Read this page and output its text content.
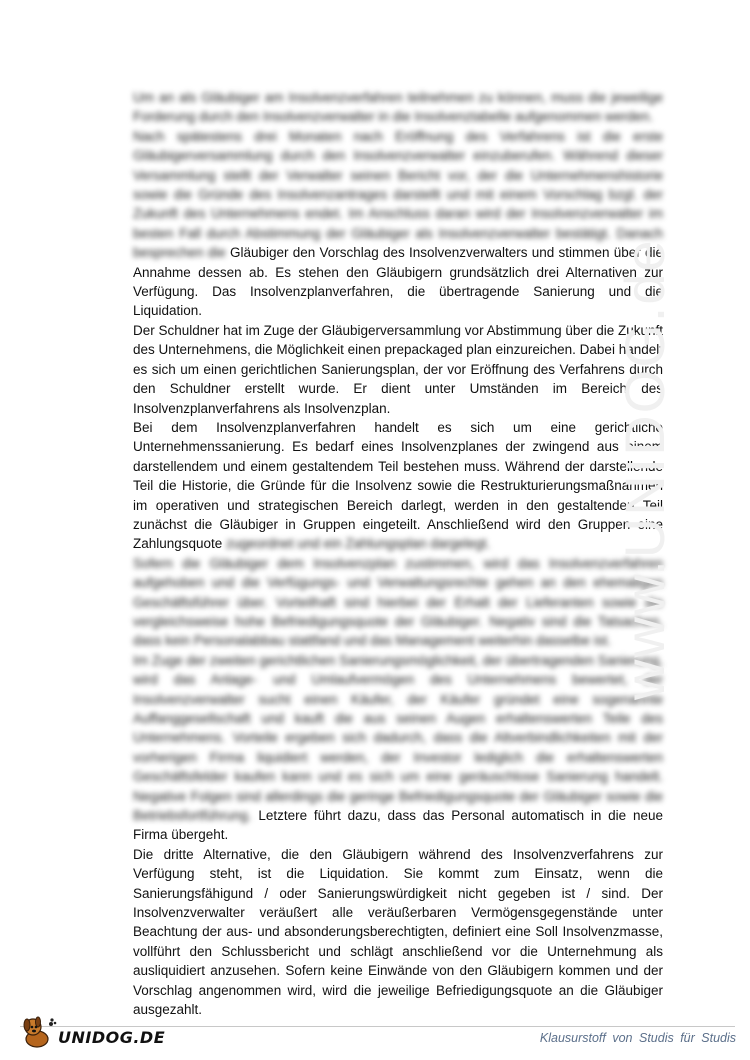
Um an als Gläubiger am Insolvenzverfahren teilnehmen zu können, muss die jeweilige Forderung durch den Insolvenzverwalter in die Insolvenztabelle aufgenommen werden.

Nach spätestens drei Monaten nach Eröffnung des Verfahrens ist die erste Gläubigerversammlung durch den Insolvenzverwalter einzuberufen. Während dieser Versammlung stellt der Verwalter seinen Bericht vor, der die Unternehmenshistorie sowie die Gründe des Insolvenzantrages darstellt und mit einem Vorschlag bzgl. der Zukunft des Unternehmens endet. Im Anschluss daran wird der Insolvenzverwalter im besten Fall durch Abstimmung der Gläubiger als Insolvenzverwalter bestätigt. Danach besprechen die Gläubiger den Vorschlag des Insolvenzverwalters und stimmen über die Annahme dessen ab. Es stehen den Gläubigern grundsätzlich drei Alternativen zur Verfügung. Das Insolvenzplanverfahren, die übertragende Sanierung und die Liquidation.

Der Schuldner hat im Zuge der Gläubigerversammlung vor Abstimmung über die Zukunft des Unternehmens, die Möglichkeit einen prepackaged plan einzureichen. Dabei handelt es sich um einen gerichtlichen Sanierungsplan, der vor Eröffnung des Verfahrens durch den Schuldner erstellt wurde. Er dient unter Umständen im Bereich des Insolvenzplanverfahrens als Insolvenzplan.

Bei dem Insolvenzplanverfahren handelt es sich um eine gerichtliche Unternehmenssanierung. Es bedarf eines Insolvenzplanes der zwingend aus einem darstellendem und einem gestaltendem Teil bestehen muss. Während der darstellende Teil die Historie, die Gründe für die Insolvenz sowie die Restrukturierungsmaßnahmen im operativen und strategischen Bereich darlegt, werden in den gestaltenden Teil zunächst die Gläubiger in Gruppen eingeteilt. Anschließend wird den Gruppen eine Zahlungsquote zugeordnet und ein Zahlungsplan dargelegt.

Sofern die Gläubiger dem Insolvenzplan zustimmen, wird das Insolvenzverfahren aufgehoben und die Verfügungs- und Verwaltungsrechte gehen an den ehemaligen Geschäftsführer über. Vorteilhaft sind hierbei der Erhalt der Lieferanten sowie die vergleichsweise hohe Befriedigungsquote der Gläubiger. Negativ sind die Tatsachen, dass kein Personalabbau stattfand und das Management weiterhin dasselbe ist.

Im Zuge der zweiten gerichtlichen Sanierungsmöglichkeit, der übertragenden Sanierung, wird das Anlage- und Umlaufvermögen des Unternehmens bewertet, der Insolvenzverwalter sucht einen Käufer, der Käufer gründet eine sogenannte Auffanggesellschaft und kauft die aus seinen Augen erhaltenswerten Teile des Unternehmens. Vorteile ergeben sich dadurch, dass die Altverbindlichkeiten mit der vorherigen Firma liquidiert werden, der Investor lediglich die erhaltenswerten Geschäftsfelder kaufen kann und es sich um eine geräuschlose Sanierung handelt. Negative Folgen sind allerdings die geringe Befriedigungsquote der Gläubiger sowie die Betriebsfortführung. Letztere führt dazu, dass das Personal automatisch in die neue Firma übergeht.

Die dritte Alternative, die den Gläubigern während des Insolvenzverfahrens zur Verfügung steht, ist die Liquidation. Sie kommt zum Einsatz, wenn die Sanierungsfähigund / oder Sanierungswürdigkeit nicht gegeben ist / sind. Der Insolvenzverwalter veräußert alle veräußerbaren Vermögensgegenstände unter Beachtung der aus- und absonderungsberechtigten, definiert eine Soll Insolvenzmasse, vollführt den Schlussbericht und schlägt anschließend vor die Unternehmung als ausliquidiert anzusehen. Sofern keine Einwände von den Gläubigern kommen und der Vorschlag angenommen wird, wird die jeweilige Befriedigungsquote an die Gläubiger ausgezahlt.

www.UNIDOG.de
UNIDOG.DE	Klausurstoff von Studis für Studis
